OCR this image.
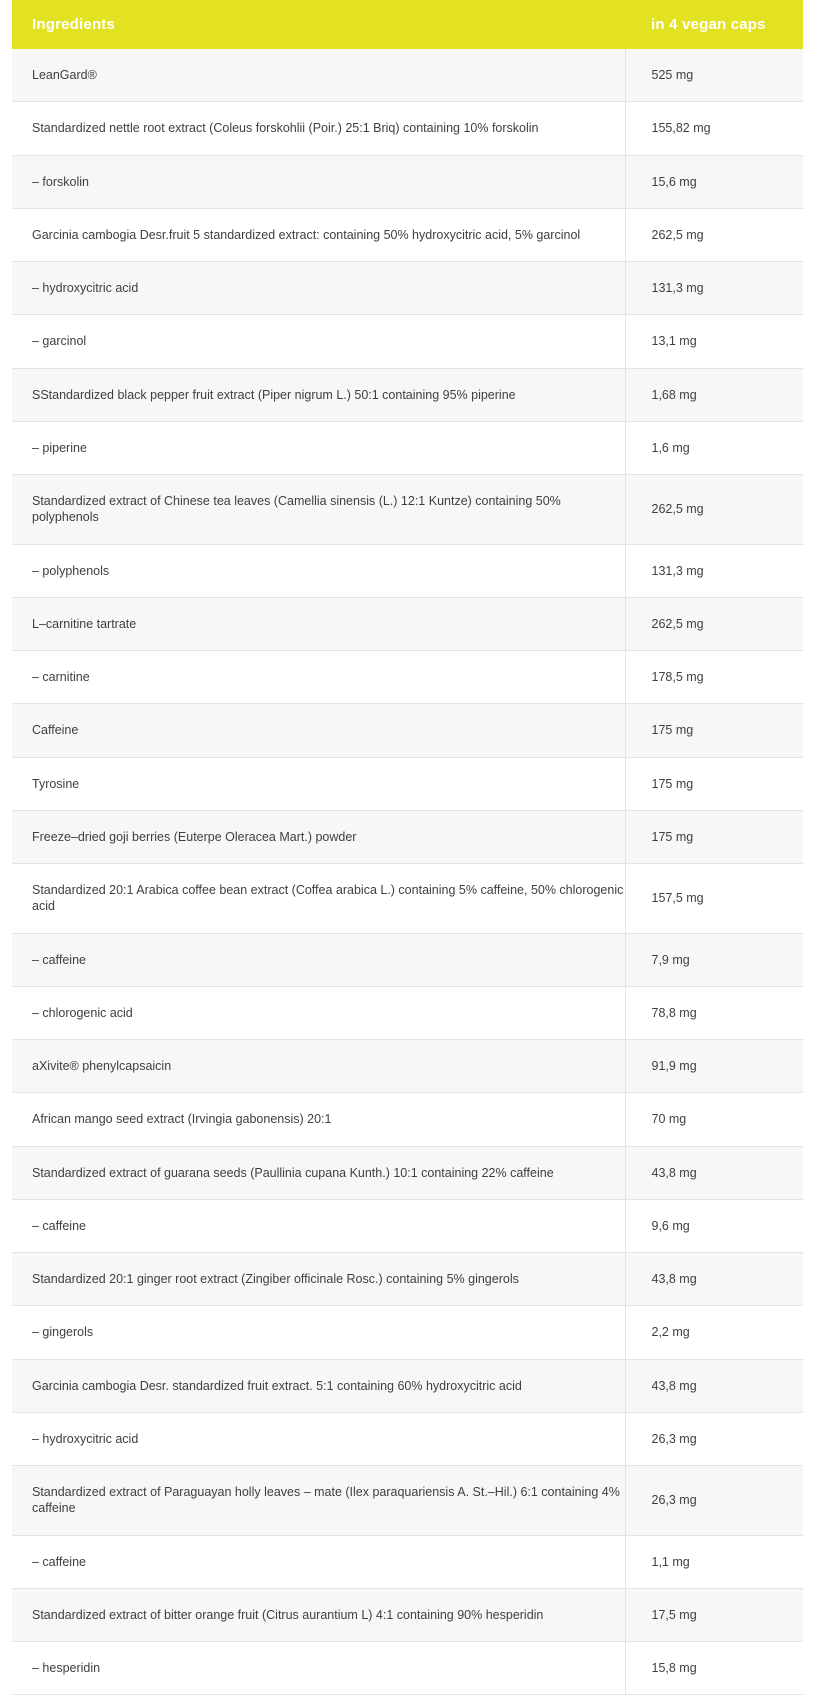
Ingredients	in 4 vegan caps
LeanGard®	525 mg
Standardized nettle root extract (Coleus forskohlii (Poir.) 25:1 Briq) containing 10% forskolin	155,82 mg
– forskolin	15,6 mg
Garcinia cambogia Desr.fruit 5 standardized extract: containing 50% hydroxycitric acid, 5% garcinol	262,5 mg
– hydroxycitric acid	131,3 mg
– garcinol	13,1 mg
SStandardized black pepper fruit extract (Piper nigrum L.) 50:1 containing 95% piperine	1,68 mg
– piperine	1,6 mg
Standardized extract of Chinese tea leaves (Camellia sinensis (L.) 12:1 Kuntze) containing 50% polyphenols	262,5 mg
– polyphenols	131,3 mg
L–carnitine tartrate	262,5 mg
– carnitine	178,5 mg
Caffeine	175 mg
Tyrosine	175 mg
Freeze–dried goji berries (Euterpe Oleracea Mart.) powder	175 mg
Standardized 20:1 Arabica coffee bean extract (Coffea arabica L.) containing 5% caffeine, 50% chlorogenic acid	157,5 mg
– caffeine	7,9 mg
– chlorogenic acid	78,8 mg
aXivite® phenylcapsaicin	91,9 mg
African mango seed extract (Irvingia gabonensis) 20:1	70 mg
Standardized extract of guarana seeds (Paullinia cupana Kunth.) 10:1 containing 22% caffeine	43,8 mg
– caffeine	9,6 mg
Standardized 20:1 ginger root extract (Zingiber officinale Rosc.) containing 5% gingerols	43,8 mg
– gingerols	2,2 mg
Garcinia cambogia Desr. standardized fruit extract. 5:1 containing 60% hydroxycitric acid	43,8 mg
– hydroxycitric acid	26,3 mg
Standardized extract of Paraguayan holly leaves – mate (Ilex paraquariensis A. St.–Hil.) 6:1 containing 4% caffeine	26,3 mg
– caffeine	1,1 mg
Standardized extract of bitter orange fruit (Citrus aurantium L) 4:1 containing 90% hesperidin	17,5 mg
– hesperidin	15,8 mg
